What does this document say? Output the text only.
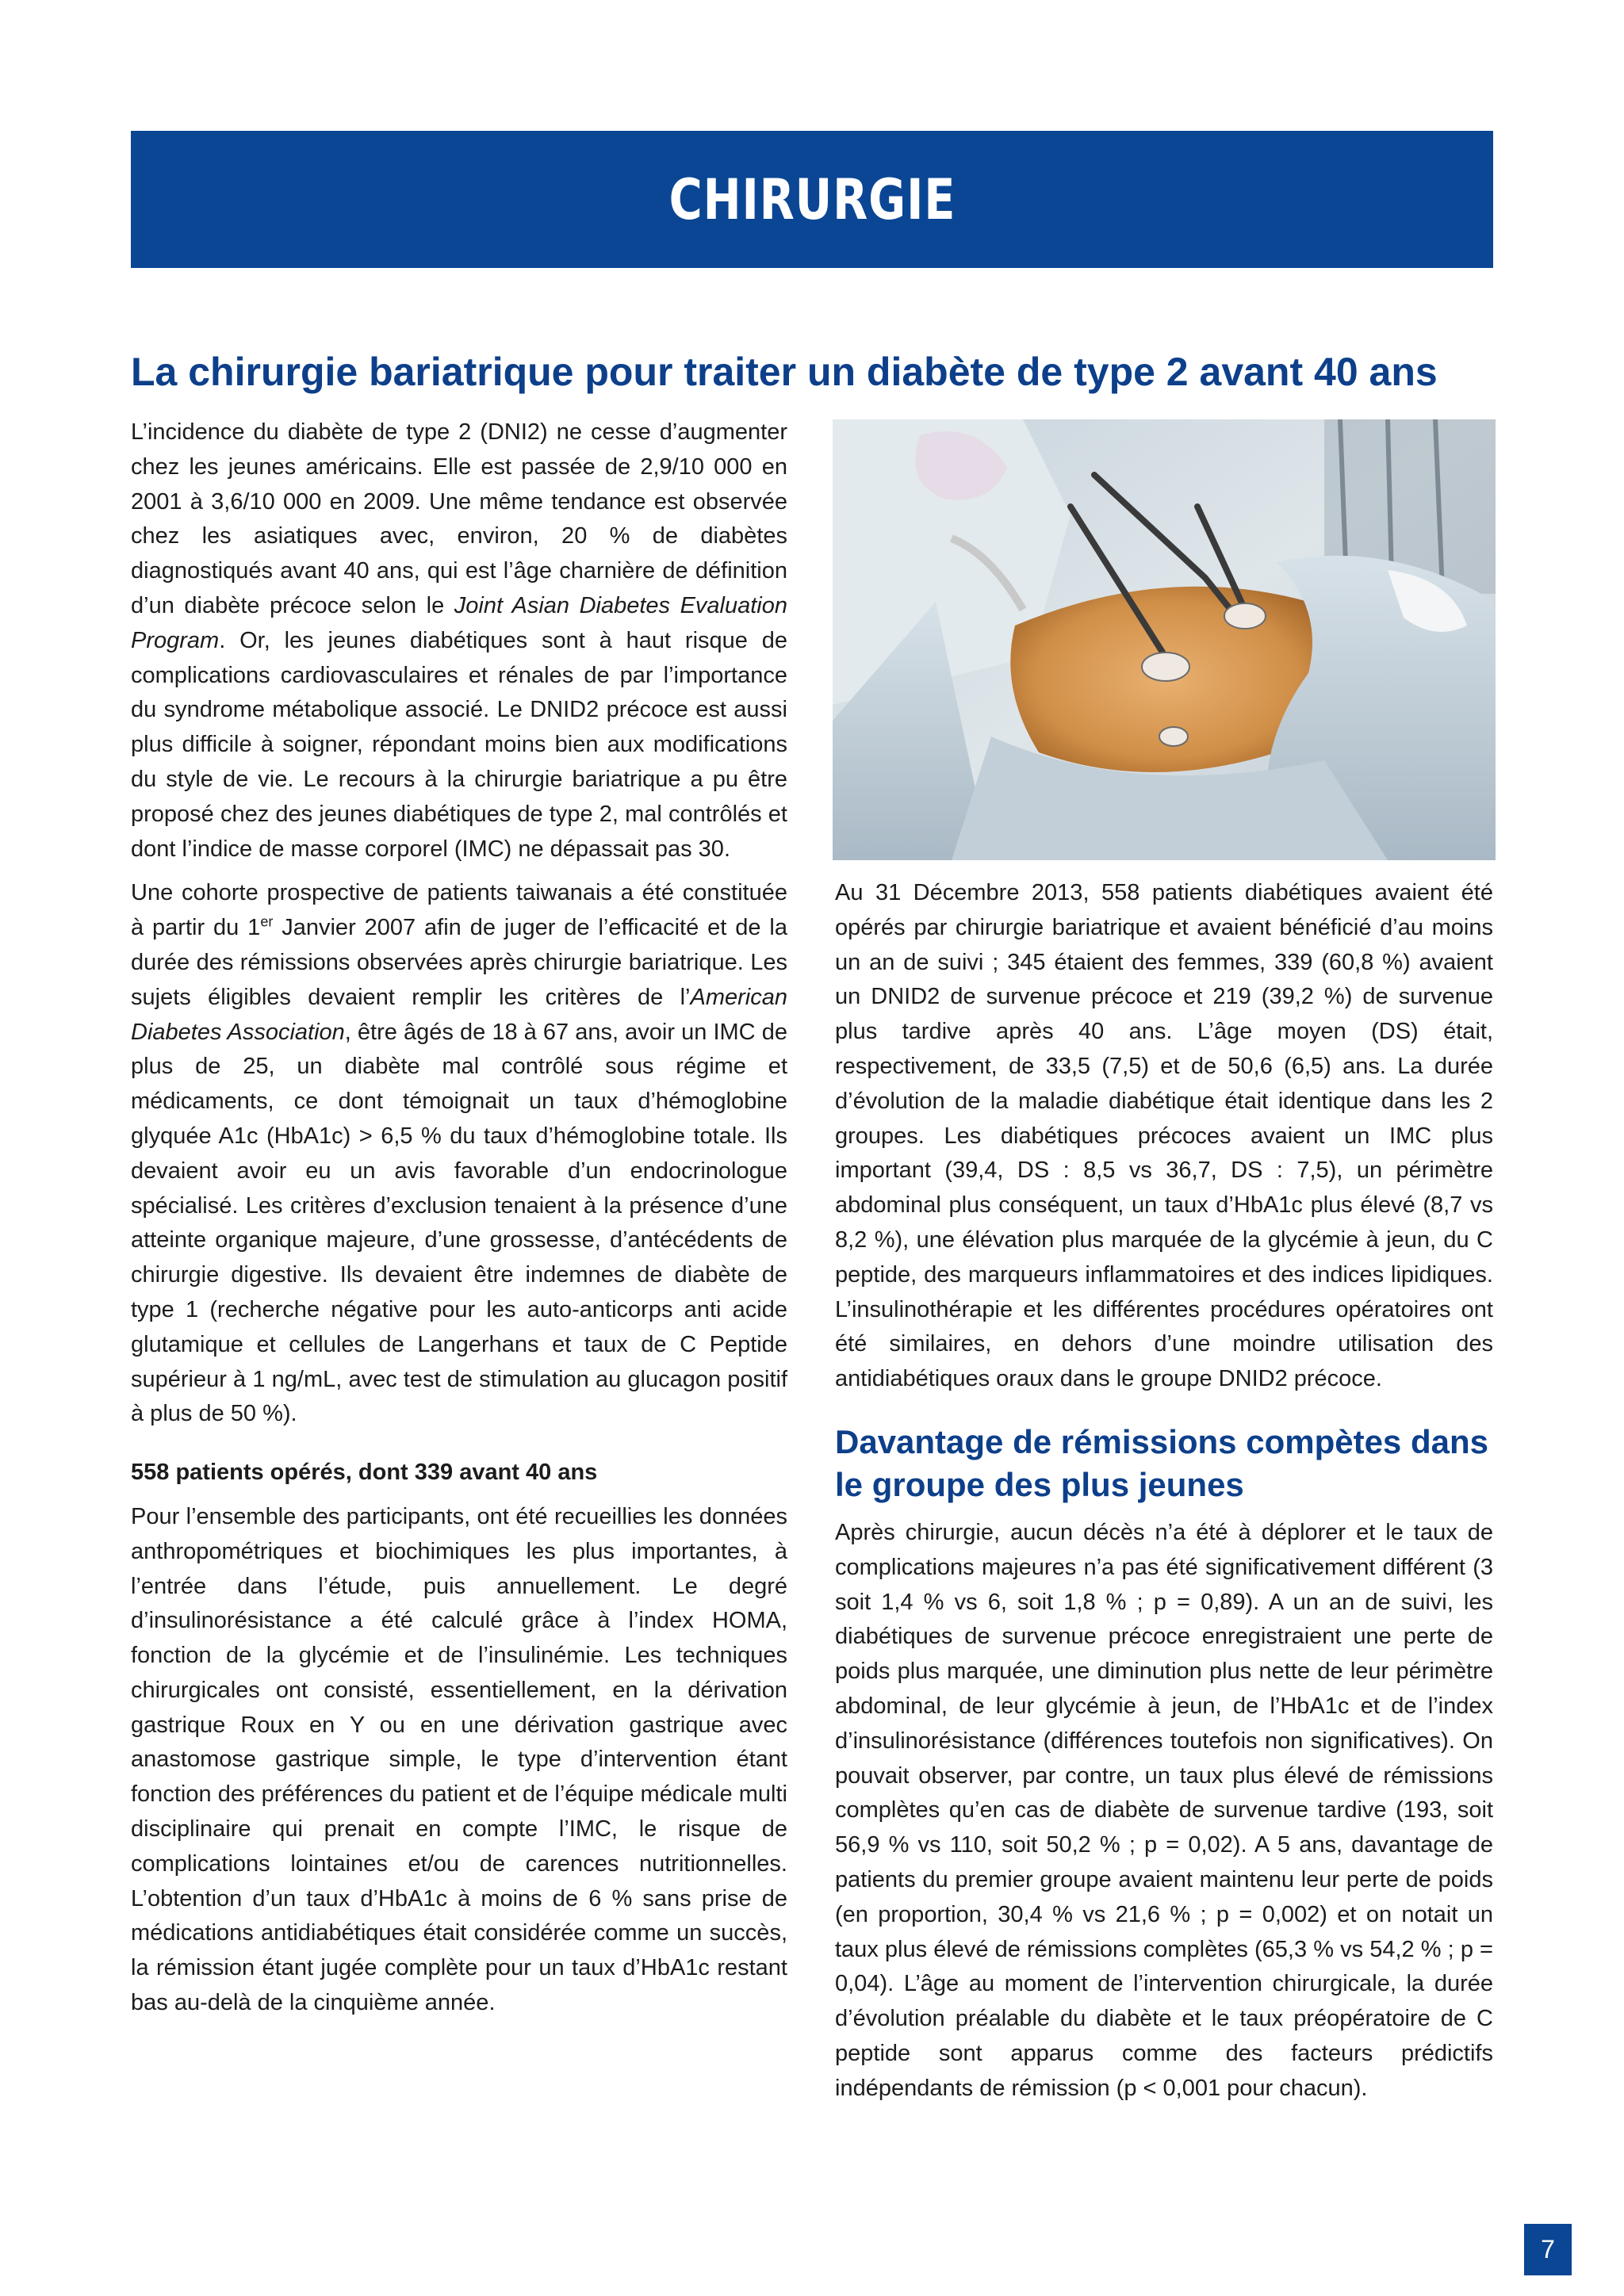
CHIRURGIE
La chirurgie bariatrique pour traiter un diabète de type 2 avant 40 ans

L’incidence du diabète de type 2 (DNI2) ne cesse d’augmenter chez les jeunes américains. Elle est passée de 2,9/10 000 en 2001 à 3,6/10 000 en 2009. Une même tendance est observée chez les asiatiques avec, environ, 20 % de diabètes diagnostiqués avant 40 ans, qui est l’âge charnière de définition d’un diabète précoce selon le Joint Asian Diabetes Evaluation Program. Or, les jeunes diabétiques sont à haut risque de complications cardiovasculaires et rénales de par l’importance du syndrome métabolique associé. Le DNID2 précoce est aussi plus difficile à soigner, répondant moins bien aux modifications du style de vie. Le recours à la chirurgie bariatrique a pu être proposé chez des jeunes diabétiques de type 2, mal contrôlés et dont l’indice de masse corporel (IMC) ne dépassait pas 30.

Une cohorte prospective de patients taiwanais a été constituée à partir du 1er Janvier 2007 afin de juger de l’efficacité et de la durée des rémissions observées après chirurgie bariatrique. Les sujets éligibles devaient remplir les critères de l’American Diabetes Association, être âgés de 18 à 67 ans, avoir un IMC de plus de 25, un diabète mal contrôlé sous régime et médicaments, ce dont témoignait un taux d’hémoglobine glyquée A1c (HbA1c) > 6,5 % du taux d’hémoglobine totale. Ils devaient avoir eu un avis favorable d’un endocrinologue spécialisé. Les critères d’exclusion tenaient à la présence d’une atteinte organique majeure, d’une grossesse, d’antécédents de chirurgie digestive. Ils devaient être indemnes de diabète de type 1 (recherche négative pour les auto-anticorps anti acide glutamique et cellules de Langerhans et taux de C Peptide supérieur à 1 ng/mL, avec test de stimulation au glucagon positif à plus de 50 %).

558 patients opérés, dont 339 avant 40 ans

Pour l’ensemble des participants, ont été recueillies les données anthropométriques et biochimiques les plus importantes, à l’entrée dans l’étude, puis annuellement. Le degré d’insulinorésistance a été calculé grâce à l’index HOMA, fonction de la glycémie et de l’insulinémie. Les techniques chirurgicales ont consisté, essentiellement, en la dérivation gastrique Roux en Y ou en une dérivation gastrique avec anastomose gastrique simple, le type d’intervention étant fonction des préférences du patient et de l’équipe médicale multi disciplinaire qui prenait en compte l’IMC, le risque de complications lointaines et/ou de carences nutritionnelles. L’obtention d’un taux d’HbA1c à moins de 6 % sans prise de médications antidiabétiques était considérée comme un succès, la rémission étant jugée complète pour un taux d’HbA1c restant bas au-delà de la cinquième année.

Au 31 Décembre 2013, 558 patients diabétiques avaient été opérés par chirurgie bariatrique et avaient bénéficié d’au moins un an de suivi ; 345 étaient des femmes, 339 (60,8 %) avaient un DNID2 de survenue précoce et 219 (39,2 %) de survenue plus tardive après 40 ans. L’âge moyen (DS) était, respectivement, de 33,5 (7,5) et de 50,6 (6,5) ans. La durée d’évolution de la maladie diabétique était identique dans les 2 groupes. Les diabétiques précoces avaient un IMC plus important (39,4, DS : 8,5 vs 36,7, DS : 7,5), un périmètre abdominal plus conséquent, un taux d’HbA1c plus élevé (8,7 vs 8,2 %), une élévation plus marquée de la glycémie à jeun, du C peptide, des marqueurs inflammatoires et des indices lipidiques. L’insulinothérapie et les différentes procédures opératoires ont été similaires, en dehors d’une moindre utilisation des antidiabétiques oraux dans le groupe DNID2 précoce.

Davantage de rémissions compètes dans le groupe des plus jeunes

Après chirurgie, aucun décès n’a été à déplorer et le taux de complications majeures n’a pas été significativement différent (3 soit 1,4 % vs 6, soit 1,8 % ; p = 0,89). A un an de suivi, les diabétiques de survenue précoce enregistraient une perte de poids plus marquée, une diminution plus nette de leur périmètre abdominal, de leur glycémie à jeun, de l’HbA1c et de l’index d’insulinorésistance (différences toutefois non significatives). On pouvait observer, par contre, un taux plus élevé de rémissions complètes qu’en cas de diabète de survenue tardive (193, soit 56,9 % vs 110, soit 50,2 % ; p = 0,02). A 5 ans, davantage de patients du premier groupe avaient maintenu leur perte de poids (en proportion, 30,4 % vs 21,6 % ; p = 0,002) et on notait un taux plus élevé de rémissions complètes (65,3 % vs 54,2 % ; p = 0,04). L’âge au moment de l’intervention chirurgicale, la durée d’évolution préalable du diabète et le taux préopératoire de C peptide sont apparus comme des facteurs prédictifs indépendants de rémission (p < 0,001 pour chacun).

7
